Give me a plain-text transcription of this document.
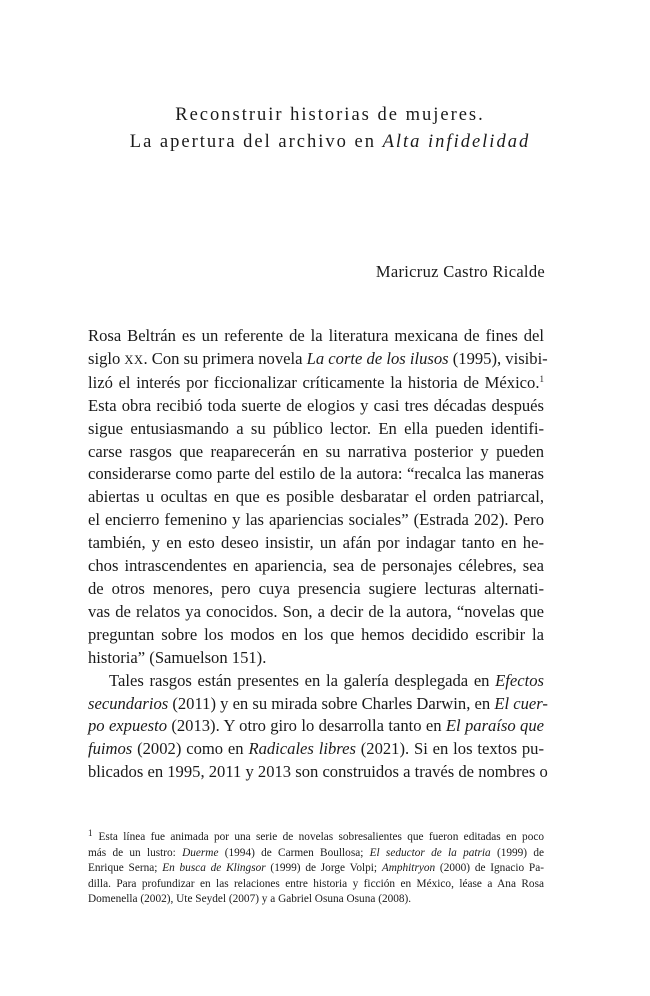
Reconstruir historias de mujeres.
La apertura del archivo en Alta infidelidad
Maricruz Castro Ricalde
Rosa Beltrán es un referente de la literatura mexicana de fines del
siglo XX. Con su primera novela La corte de los ilusos (1995), visibi-
lizó el interés por ficcionalizar críticamente la historia de México.$^1$
Esta obra recibió toda suerte de elogios y casi tres décadas después
sigue entusiasmando a su público lector. En ella pueden identifi-
carse rasgos que reaparecerán en su narrativa posterior y pueden
considerarse como parte del estilo de la autora: “recalca las maneras
abiertas u ocultas en que es posible desbaratar el orden patriarcal,
el encierro femenino y las apariencias sociales” (Estrada 202). Pero
también, y en esto deseo insistir, un afán por indagar tanto en he-
chos intrascendentes en apariencia, sea de personajes célebres, sea
de otros menores, pero cuya presencia sugiere lecturas alternati-
vas de relatos ya conocidos. Son, a decir de la autora, “novelas que
preguntan sobre los modos en los que hemos decidido escribir la
historia” (Samuelson 151).
Tales rasgos están presentes en la galería desplegada en Efectos
secundarios (2011) y en su mirada sobre Charles Darwin, en El cuer-
po expuesto (2013). Y otro giro lo desarrolla tanto en El paraíso que
fuimos (2002) como en Radicales libres (2021). Si en los textos pu-
blicados en 1995, 2011 y 2013 son construidos a través de nombres o
$^1$ Esta línea fue animada por una serie de novelas sobresalientes que fueron editadas en poco
más de un lustro: Duerme (1994) de Carmen Boullosa; El seductor de la patria (1999) de
Enrique Serna; En busca de Klingsor (1999) de Jorge Volpi; Amphitryon (2000) de Ignacio Pa-
dilla. Para profundizar en las relaciones entre historia y ficción en México, léase a Ana Rosa
Domenella (2002), Ute Seydel (2007) y a Gabriel Osuna Osuna (2008).
